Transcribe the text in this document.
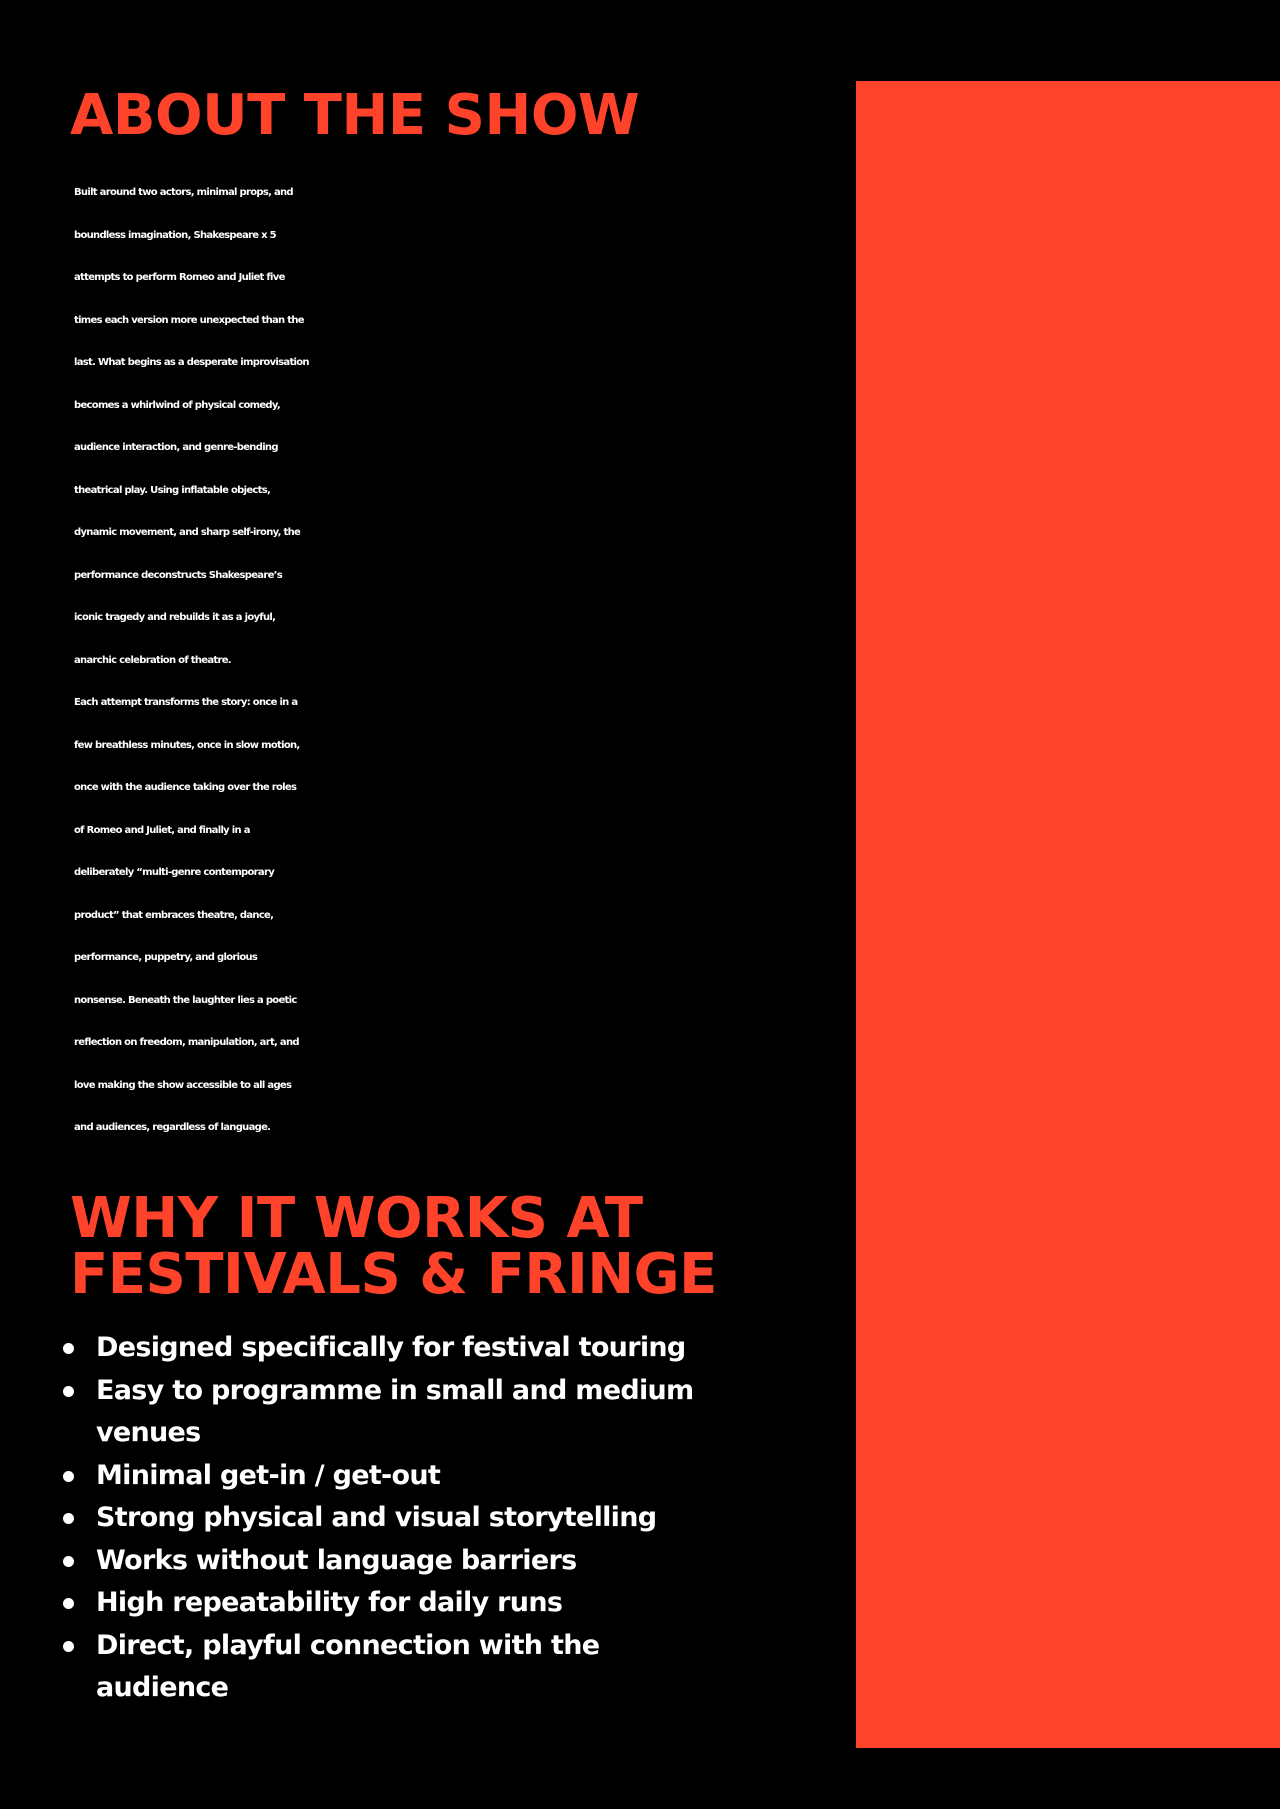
ABOUT THE SHOW

Built around two actors, minimal props, and
boundless imagination, Shakespeare x 5
attempts to perform Romeo and Juliet five
times each version more unexpected than the
last. What begins as a desperate improvisation
becomes a whirlwind of physical comedy,
audience interaction, and genre-bending
theatrical play. Using inflatable objects,
dynamic movement, and sharp self-irony, the
performance deconstructs Shakespeare’s
iconic tragedy and rebuilds it as a joyful,
anarchic celebration of theatre.
Each attempt transforms the story: once in a
few breathless minutes, once in slow motion,
once with the audience taking over the roles
of Romeo and Juliet, and finally in a
deliberately “multi-genre contemporary
product” that embraces theatre, dance,
performance, puppetry, and glorious
nonsense. Beneath the laughter lies a poetic
reflection on freedom, manipulation, art, and
love making the show accessible to all ages
and audiences, regardless of language.

WHY IT WORKS AT
FESTIVALS & FRINGE
Designed specifically for festival touring
Easy to programme in small and medium
venues
Minimal get-in / get-out
Strong physical and visual storytelling
Works without language barriers
High repeatability for daily runs
Direct, playful connection with the
audience
